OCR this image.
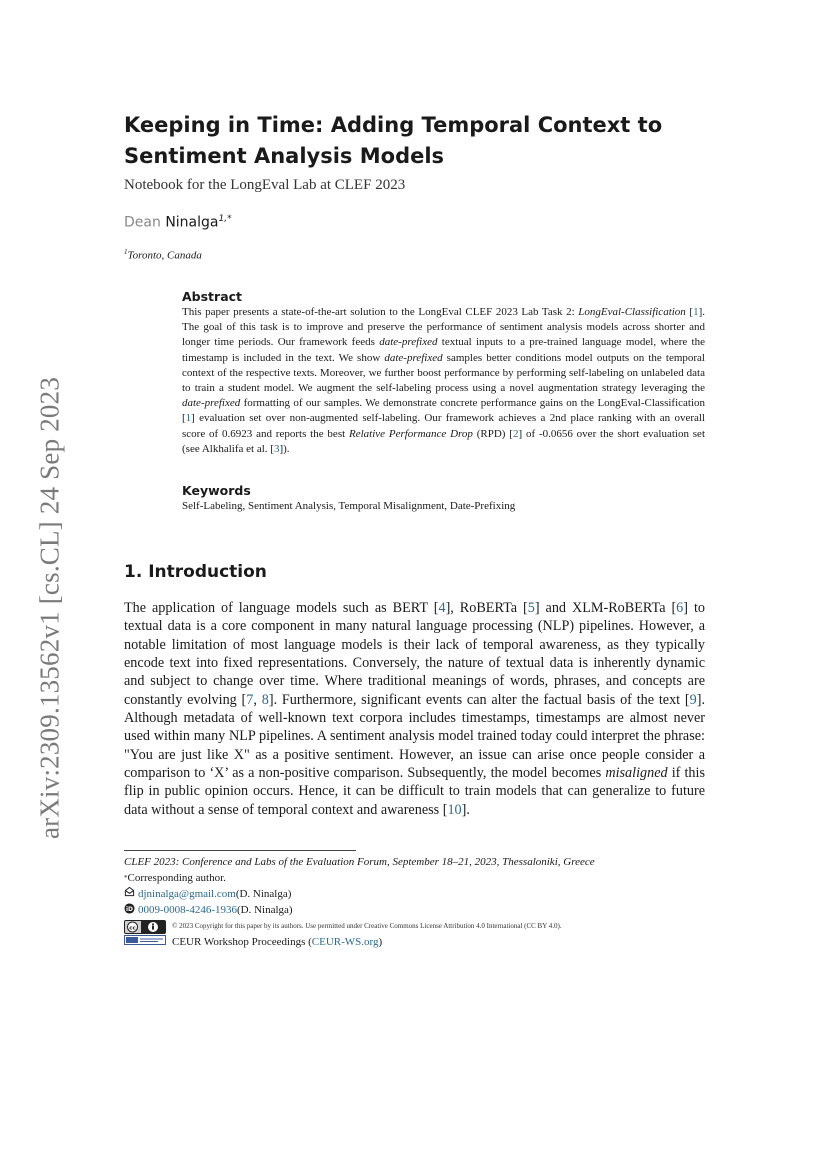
arXiv:2309.13562v1 [cs.CL] 24 Sep 2023
Keeping in Time: Adding Temporal Context to Sentiment Analysis Models

Notebook for the LongEval Lab at CLEF 2023

Dean Ninalga$^{1,*}$
$^1$Toronto, Canada
Abstract

This paper presents a state-of-the-art solution to the LongEval CLEF 2023 Lab Task 2: LongEval-Classification [1]. The goal of this task is to improve and preserve the performance of sentiment analysis models across shorter and longer time periods. Our framework feeds date-prefixed textual inputs to a pre-trained language model, where the timestamp is included in the text. We show date-prefixed samples better conditions model outputs on the temporal context of the respective texts. Moreover, we further boost performance by performing self-labeling on unlabeled data to train a student model. We augment the self-labeling process using a novel augmentation strategy leveraging the date-prefixed formatting of our samples. We demonstrate concrete performance gains on the LongEval-Classification [1] evaluation set over non-augmented self-labeling. Our framework achieves a 2nd place ranking with an overall score of 0.6923 and reports the best Relative Performance Drop (RPD) [2] of -0.0656 over the short evaluation set (see Alkhalifa et al. [3]).

Keywords

Self-Labeling, Sentiment Analysis, Temporal Misalignment, Date-Prefixing

1. Introduction

The application of language models such as BERT [4], RoBERTa [5] and XLM-RoBERTa [6] to textual data is a core component in many natural language processing (NLP) pipelines. However, a notable limitation of most language models is their lack of temporal awareness, as they typically encode text into fixed representations. Conversely, the nature of textual data is inherently dynamic and subject to change over time. Where traditional meanings of words, phrases, and concepts are constantly evolving [7, 8]. Furthermore, significant events can alter the factual basis of the text [9]. Although metadata of well-known text corpora includes timestamps, timestamps are almost never used within many NLP pipelines. A sentiment analysis model trained today could interpret the phrase: "You are just like X" as a positive sentiment. However, an issue can arise once people consider a comparison to ‘X’ as a non-positive comparison. Subsequently, the model becomes misaligned if this flip in public opinion occurs. Hence, it can be difficult to train models that can generalize to future data without a sense of temporal context and awareness [10].

CLEF 2023: Conference and Labs of the Evaluation Forum, September 18–21, 2023, Thessaloniki, Greece
* Corresponding author.
djninalga@gmail.com (D. Ninalga)
iD 0009-0008-4246-1936 (D. Ninalga)
cc	© 2023 Copyright for this paper by its authors. Use permitted under Creative Commons License Attribution 4.0 International (CC BY 4.0).
CEUR Workshop Proceedings ( CEUR-WS.org )
